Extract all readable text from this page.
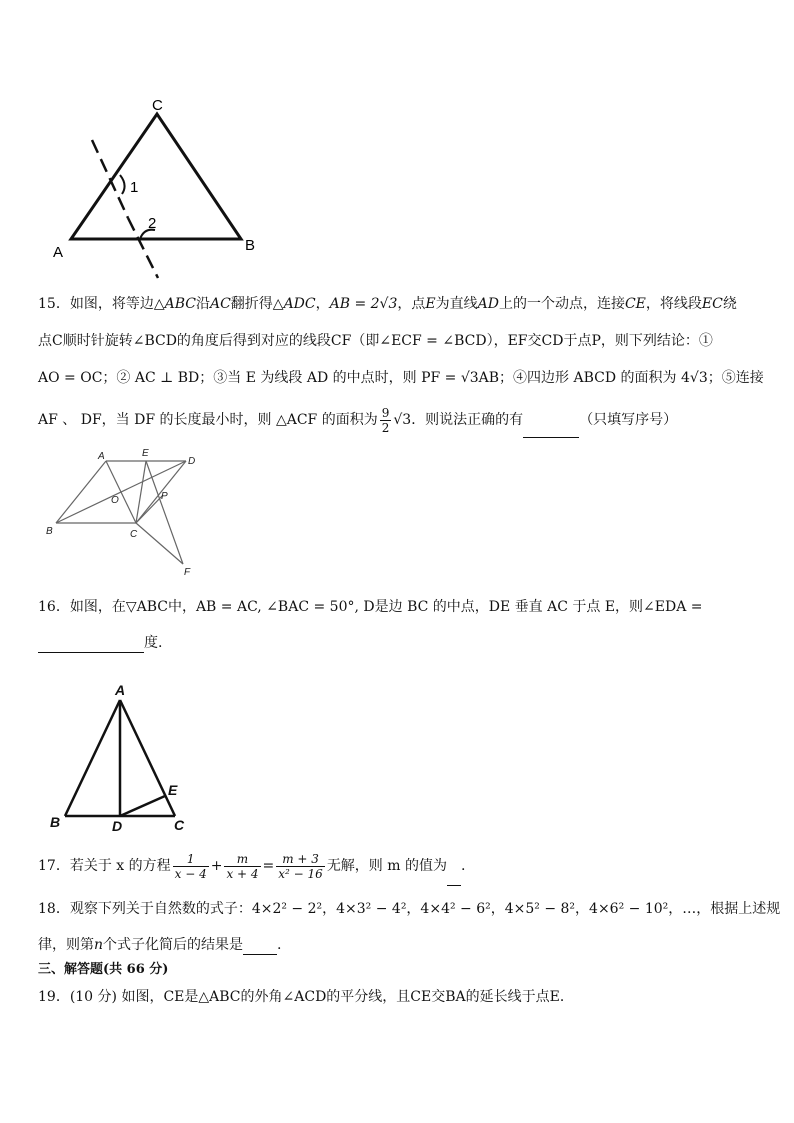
C
A	B
1
2
15．如图，将等边△ABC沿AC翻折得△ADC，AB = 2√3，点E为直线AD上的一个动点，连接CE，将线段EC绕
点C顺时针旋转∠BCD的角度后得到对应的线段CF（即∠ECF = ∠BCD），EF交CD于点P，则下列结论：①
AO = OC；② AC ⊥ BD；③当 E 为线段 AD 的中点时，则 PF = √3AB；④四边形 ABCD 的面积为 4√3；⑤连接
AF 、 DF，当 DF 的长度最小时，则 △ACF 的面积为 $\frac{9}{2} √3$．则说法正确的有	（只填写序号）
A	E
D
O	P
B	C
F
16．如图，在▽ABC中，AB = AC, ∠BAC = 50°, D是边 BC 的中点，DE 垂直 AC 于点 E，则∠EDA =
度.
A
B	D	C
E
17．若关于 x 的方程 $\frac{1}{x - 4} + \frac{m}{x + 4} = \frac{m + 3}{\text{x² − 16}}$ 无解，则 m 的值为 .
18．观察下列关于自然数的式子：4×2² − 2²，4×3² − 4²，4×4² − 6²，4×5² − 8²，4×6² − 10²，…，根据上述规
律，则第n个式子化简后的结果是 .
三、解答题(共 66 分)
19．(10 分) 如图，CE是△ABC的外角∠ACD的平分线，且CE交BA的延长线于点E．
